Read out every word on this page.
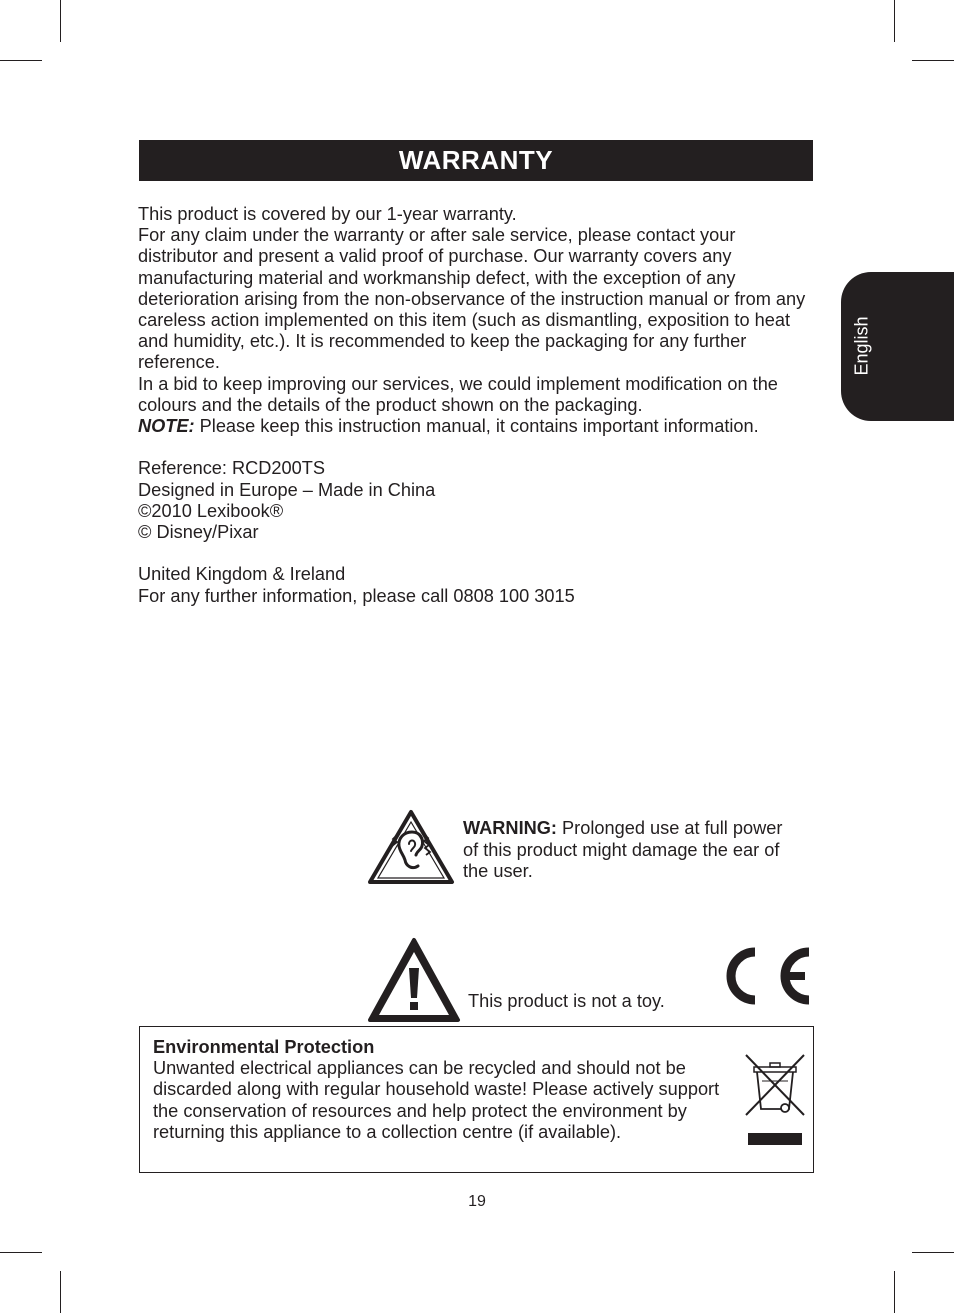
WARRANTY
English

This product is covered by our 1-year warranty.

For any claim under the warranty or after sale service, please contact your distributor and present a valid proof of purchase. Our warranty covers any manufacturing material and workmanship defect, with the exception of any deterioration arising from the non-observance of the instruction manual or from any careless action implemented on this item (such as dismantling, exposition to heat and humidity, etc.). It is recommended to keep the packaging for any further reference.

In a bid to keep improving our services, we could implement modification on the colours and the details of the product shown on the packaging.

NOTE: Please keep this instruction manual, it contains important information.

Reference: RCD200TS

Designed in Europe – Made in China

©2010 Lexibook®

© Disney/Pixar

United Kingdom & Ireland

For any further information, please call 0808 100 3015

WARNING: Prolonged use at full power of this product might damage the ear of the user.
This product is not a toy.
Environmental Protection
Unwanted electrical appliances can be recycled and should not be discarded along with regular household waste! Please actively support the conservation of resources and help protect the environment by returning this appliance to a collection centre (if available).
19
